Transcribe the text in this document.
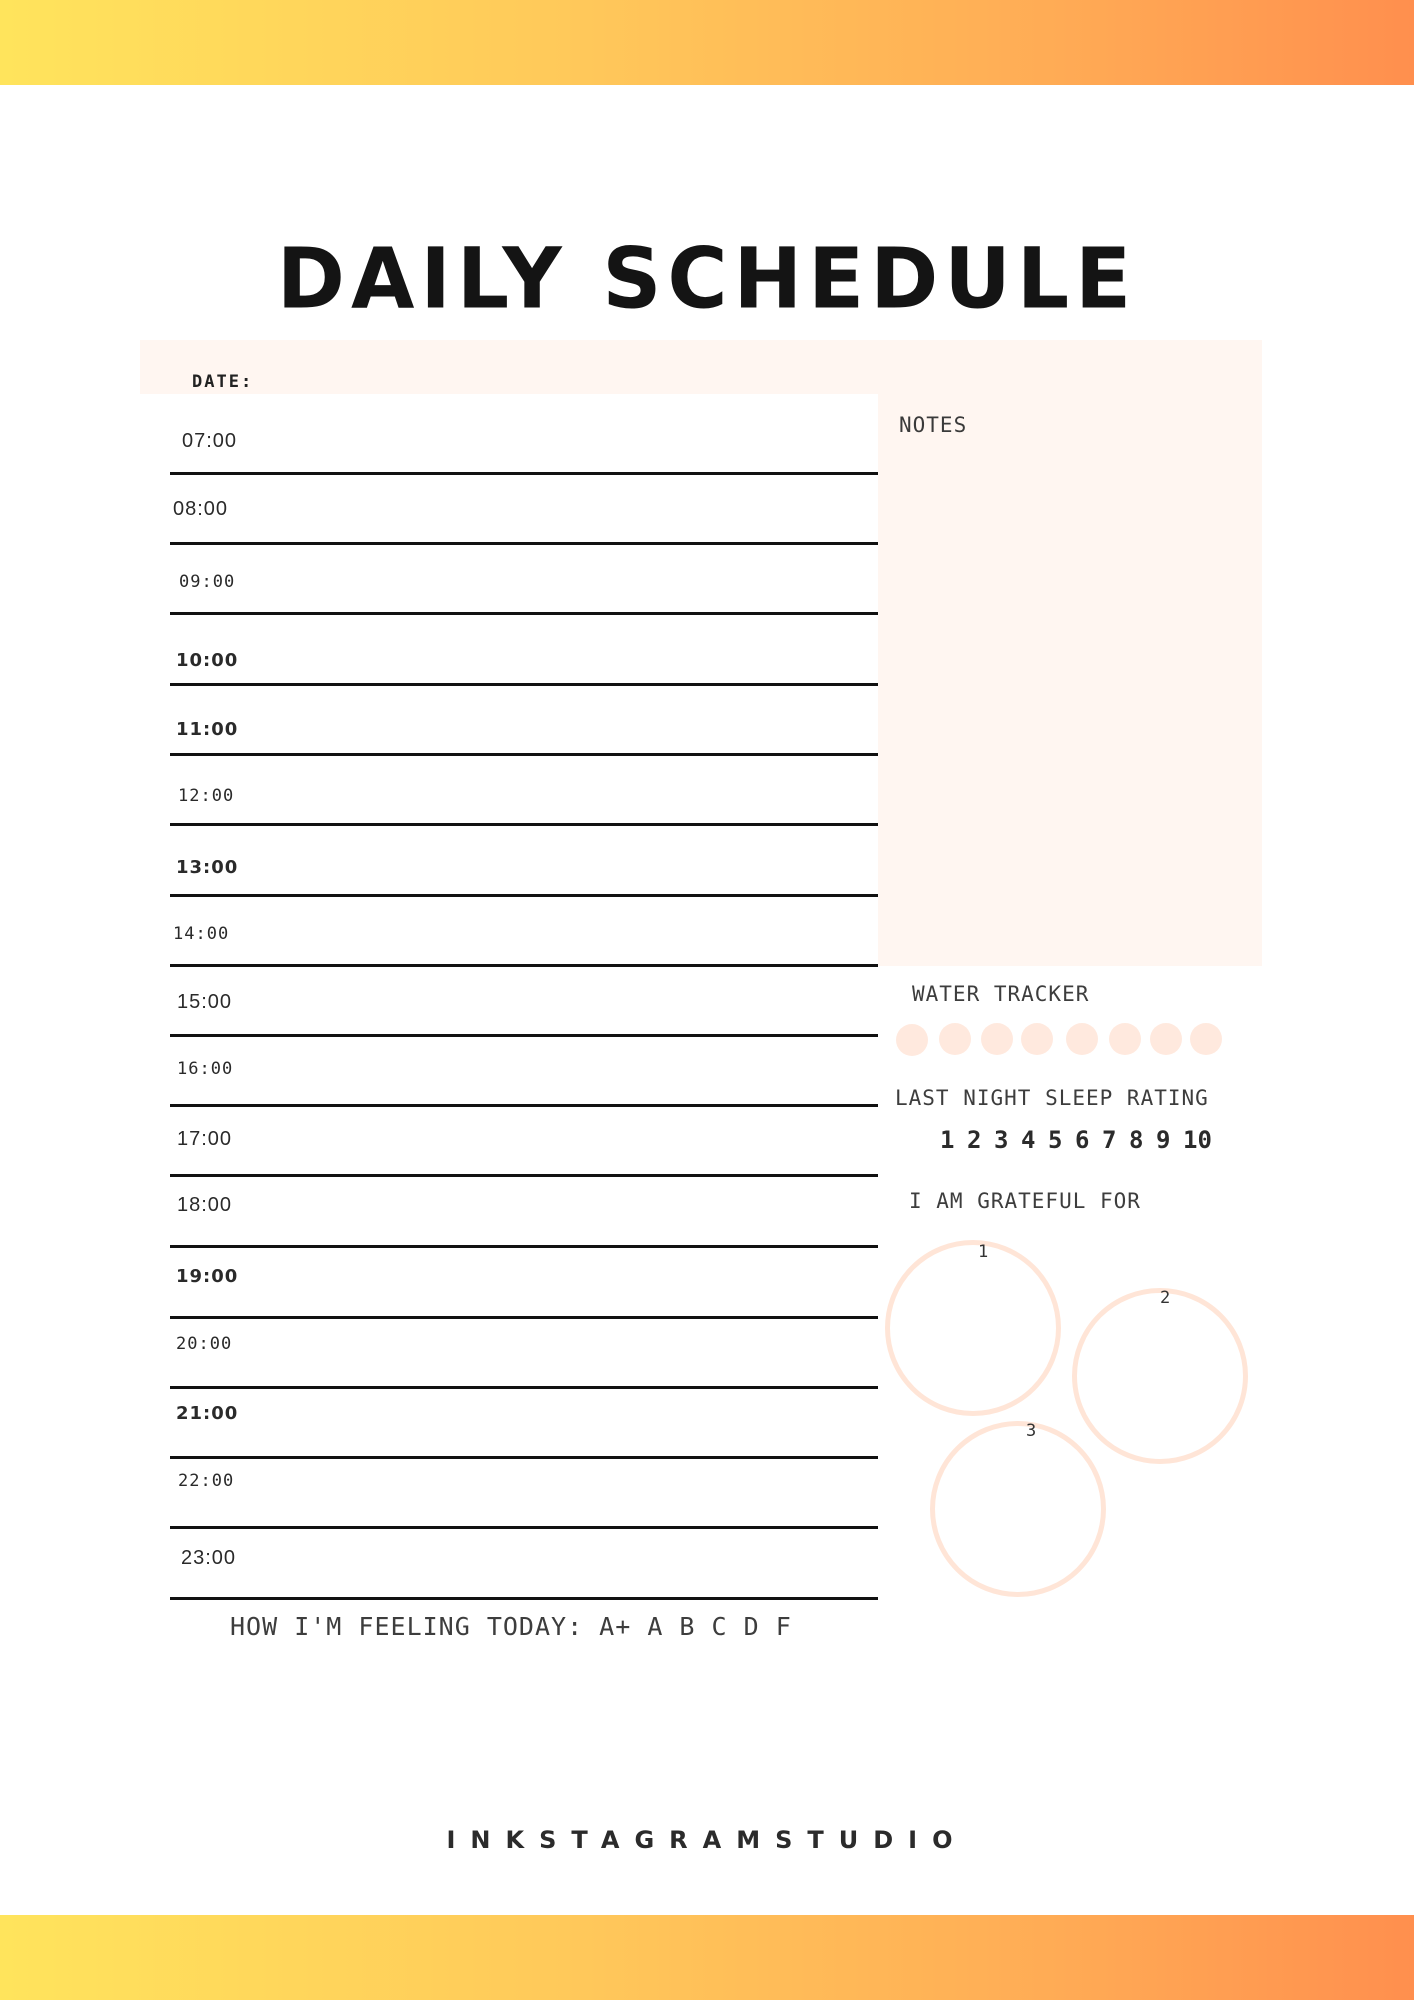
DAILY SCHEDULE
DATE:
NOTES
07:00
08:00
09:00
10:00
11:00
12:00
13:00
14:00
15:00
16:00
17:00
18:00
19:00
20:00
21:00
22:00
23:00
WATER TRACKER
LAST NIGHT SLEEP RATING
1 2 3 4 5 6 7 8 9 10
I AM GRATEFUL FOR
1
2
3
HOW I'M FEELING TODAY: A+ A B C D F
INKSTAGRAMSTUDIO
